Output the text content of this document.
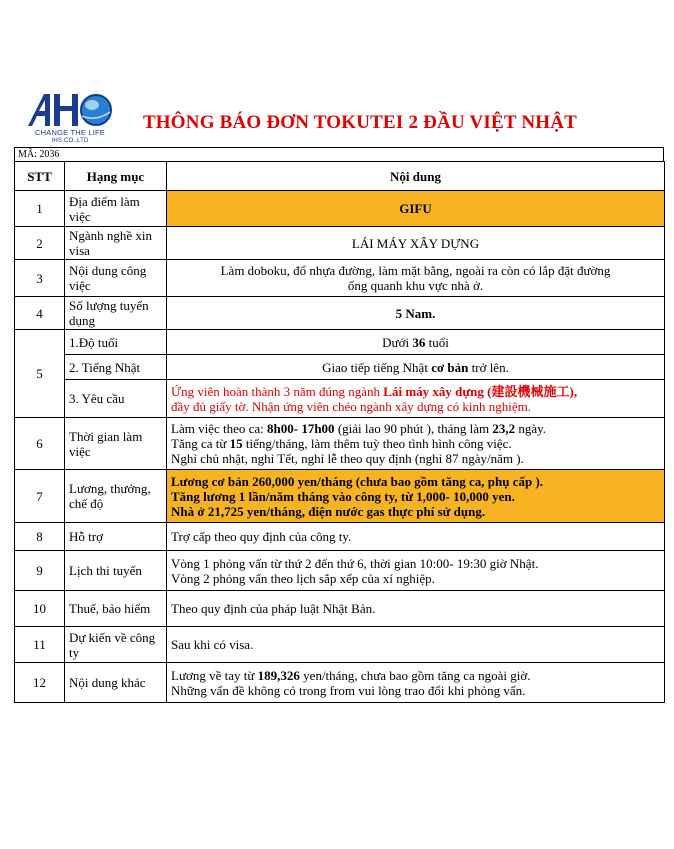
CHANGE THE LIFE
IHS CO.,LTD
THÔNG BÁO ĐƠN TOKUTEI 2 ĐẦU VIỆT NHẬT
MÃ: 2036
STT	Hạng mục	Nội dung
1	Địa điểm làm việc	GIFU
2	Ngành nghề xin visa	LÁI MÁY XÂY DỰNG
3	Nội dung công việc	Làm doboku, đổ nhựa đường, làm mặt bằng, ngoài ra còn có lắp đặt đường
ống quanh khu vực nhà ở.

4	Số lượng tuyển dụng	5 Nam.
5	1.Độ tuổi	Dưới 36 tuổi
	2. Tiếng Nhật	Giao tiếp tiếng Nhật cơ bản trở lên.
	3. Yêu cầu	Ứng viên hoàn thành 3 năm đúng ngành Lái máy xây dựng (建設機械施工),
đầy đủ giấy tờ. Nhận ứng viên chéo ngành xây dựng có kinh nghiệm.

6	Thời gian làm việc	Làm việc theo ca: 8h00- 17h00 (giải lao 90 phút ), tháng làm 23,2 ngày.
Tăng ca từ 15 tiếng/tháng, làm thêm tuỳ theo tình hình công việc.
Nghỉ chủ nhật, nghỉ Tết, nghỉ lễ theo quy định (nghỉ 87 ngày/năm ).

7	Lương, thưởng, chế độ	Lương cơ bản 260,000 yen/tháng (chưa bao gồm tăng ca, phụ cấp ).
Tăng lương 1 lần/năm tháng vào công ty, từ 1,000- 10,000 yen.
Nhà ở 21,725 yen/tháng, điện nước gas thực phí sử dụng.

8	Hỗ trợ	Trợ cấp theo quy định của công ty.
9	Lịch thi tuyển	Vòng 1 phỏng vấn từ thứ 2 đến thứ 6, thời gian 10:00- 19:30 giờ Nhật.
Vòng 2 phỏng vấn theo lịch sắp xếp của xí nghiệp.

10	Thuế, bảo hiểm	Theo quy định của pháp luật Nhật Bản.
11	Dự kiến về công ty	Sau khi có visa.
12	Nội dung khác	Lương về tay từ 189,326 yen/tháng, chưa bao gồm tăng ca ngoài giờ.
Những vấn đề không có trong from vui lòng trao đổi khi phỏng vấn.
